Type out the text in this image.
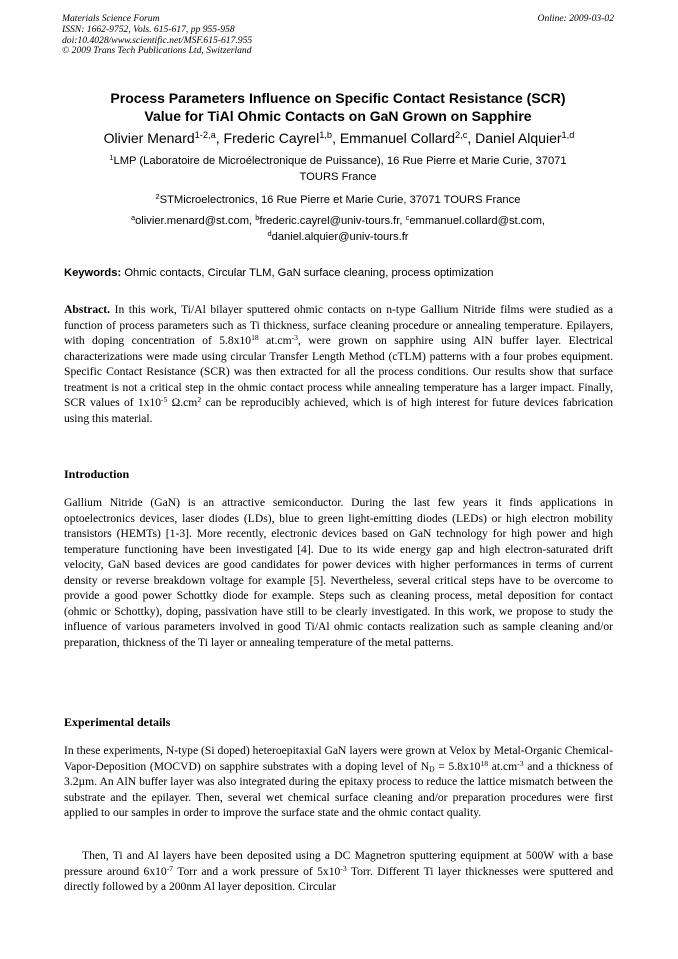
Materials Science Forum
ISSN: 1662-9752, Vols. 615-617, pp 955-958
doi:10.4028/www.scientific.net/MSF.615-617.955
© 2009 Trans Tech Publications Ltd, Switzerland
Online: 2009-03-02
Process Parameters Influence on Specific Contact Resistance (SCR)
Value for TiAl Ohmic Contacts on GaN Grown on Sapphire
Olivier Menard$^{1-2,a}$, Frederic Cayrel$^{1,b}$, Emmanuel Collard$^{2,c}$, Daniel Alquier$^{1,d}$
$^1$LMP (Laboratoire de Microélectronique de Puissance), 16 Rue Pierre et Marie Curie, 37071
TOURS France
$^2$STMicroelectronics, 16 Rue Pierre et Marie Curie, 37071 TOURS France
$^a$olivier.menard@st.com, $^b$frederic.cayrel@univ-tours.fr, $^c$emmanuel.collard@st.com,
$^d$daniel.alquier@univ-tours.fr
Keywords: Ohmic contacts, Circular TLM, GaN surface cleaning, process optimization
Abstract. In this work, Ti/Al bilayer sputtered ohmic contacts on n-type Gallium Nitride films were studied as a function of process parameters such as Ti thickness, surface cleaning procedure or annealing temperature. Epilayers, with doping concentration of $5.8x10^{18}$ $at.cm^{-3}$, were grown on sapphire using AlN buffer layer. Electrical characterizations were made using circular Transfer Length Method (cTLM) patterns with a four probes equipment. Specific Contact Resistance (SCR) was then extracted for all the process conditions. Our results show that surface treatment is not a critical step in the ohmic contact process while annealing temperature has a larger impact. Finally, SCR values of $1x10^{-5}$ $\Omega.cm^2$ can be reproducibly achieved, which is of high interest for future devices fabrication using this material.
Introduction
Gallium Nitride (GaN) is an attractive semiconductor. During the last few years it finds applications in optoelectronics devices, laser diodes (LDs), blue to green light-emitting diodes (LEDs) or high electron mobility transistors (HEMTs) [1-3]. More recently, electronic devices based on GaN technology for high power and high temperature functioning have been investigated [4]. Due to its wide energy gap and high electron-saturated drift velocity, GaN based devices are good candidates for power devices with higher performances in terms of current density or reverse breakdown voltage for example [5]. Nevertheless, several critical steps have to be overcome to provide a good power Schottky diode for example. Steps such as cleaning process, metal deposition for contact (ohmic or Schottky), doping, passivation have still to be clearly investigated. In this work, we propose to study the influence of various parameters involved in good Ti/Al ohmic contacts realization such as sample cleaning and/or preparation, thickness of the Ti layer or annealing temperature of the metal patterns.
Experimental details
In these experiments, N-type (Si doped) heteroepitaxial GaN layers were grown at Velox by Metal-Organic Chemical-Vapor-Deposition (MOCVD) on sapphire substrates with a doping level of $N_D = 5.8x10^{18}$ $at.cm^{-3}$ and a thickness of 3.2µm. An AlN buffer layer was also integrated during the epitaxy process to reduce the lattice mismatch between the substrate and the epilayer. Then, several wet chemical surface cleaning and/or preparation procedures were first applied to our samples in order to improve the surface state and the ohmic contact quality.
Then, Ti and Al layers have been deposited using a DC Magnetron sputtering equipment at 500W with a base pressure around $6x10^{-7}$ Torr and a work pressure of $5x10^{-3}$ Torr. Different Ti layer thicknesses were sputtered and directly followed by a 200nm Al layer deposition. Circular
